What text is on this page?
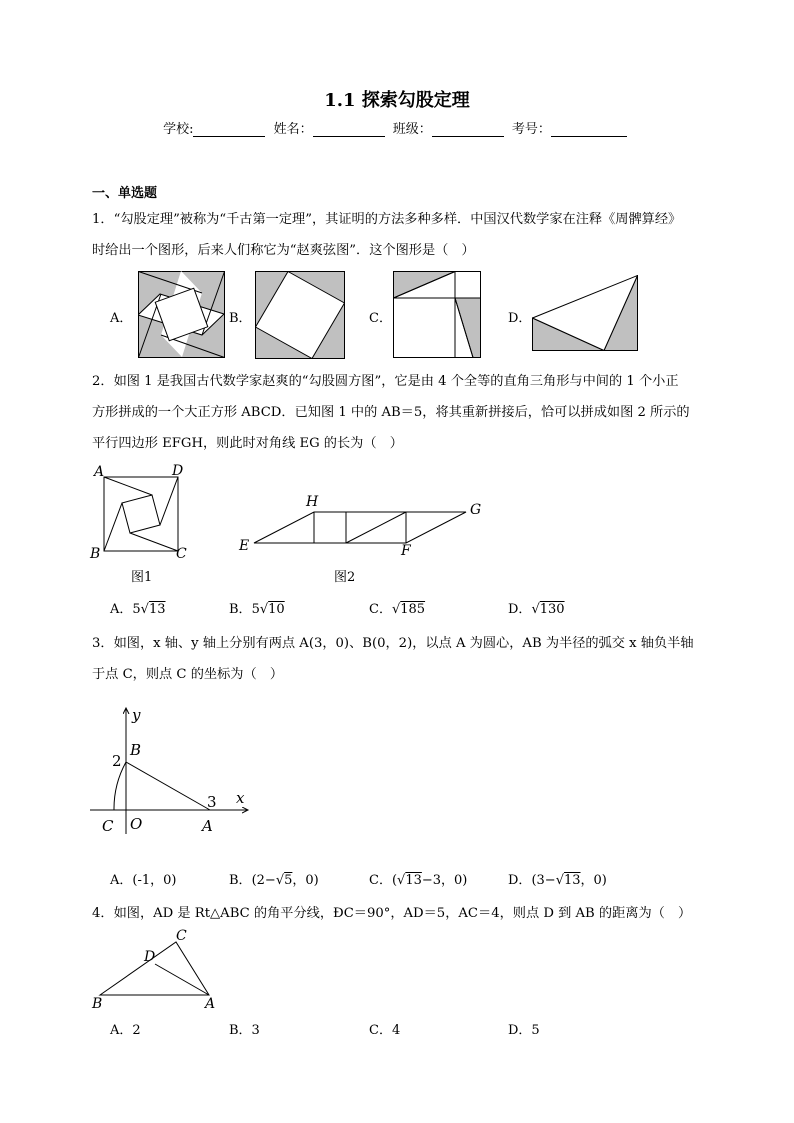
1.1 探索勾股定理
学校:	姓名：	班级：	考号：
一、单选题
1．“勾股定理”被称为“千古第一定理”，其证明的方法多种多样．中国汉代数学家在注释《周髀算经》
时给出一个图形，后来人们称它为“赵爽弦图”．这个图形是（　）
A．	B．	C．	D．
2．如图 1 是我国古代数学家赵爽的“勾股圆方图”，它是由 4 个全等的直角三角形与中间的 1 个小正
方形拼成的一个大正方形 ABCD．已知图 1 中的 AB＝5，将其重新拼接后，恰可以拼成如图 2 所示的
平行四边形 EFGH，则此时对角线 EG 的长为（　）
A	D
B	C
图1
H	G
E	F
图2
A．5√13	B．5√10	C．√185	D．√130
3．如图，x 轴、y 轴上分别有两点 A(3，0)、B(0，2)，以点 A 为圆心，AB 为半径的弧交 x 轴负半轴
于点 C，则点 C 的坐标为（　）
y
B
2
3 x
C O	A
A．(-1，0)	B．(2−√5，0)	C．(√13−3，0)	D．(3−√13，0)
4．如图，AD 是 Rt△ABC 的角平分线，ÐC＝90°，AD＝5，AC＝4，则点 D 到 AB 的距离为（　）
C
D
B	A
A．2	B．3	C．4	D．5
